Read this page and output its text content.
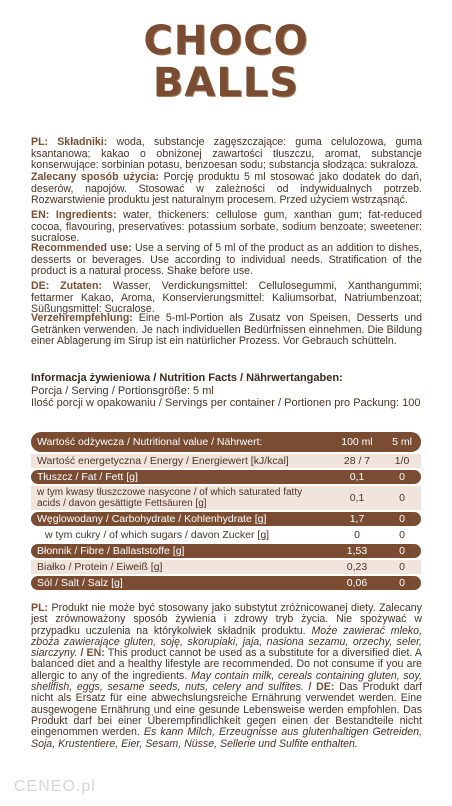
CHOCO
BALLS
PL: Składniki: woda, substancje zagęszczające: guma celulozowa, guma ksantanowa; kakao o obniżonej zawartości tłuszczu, aromat, substancje konserwujące: sorbinian potasu, benzoesan sodu; substancja słodząca: sukraloza.
Zalecany sposób użycia: Porcję produktu 5 ml stosować jako dodatek do dań, deserów, napojów. Stosować w zależności od indywidualnych potrzeb. Rozwarstwienie produktu jest naturalnym procesem. Przed użyciem wstrząsnąć.
EN: Ingredients: water, thickeners: cellulose gum, xanthan gum; fat-reduced cocoa, flavouring, preservatives: potassium sorbate, sodium benzoate; sweetener: sucralose.
Recommended use: Use a serving of 5 ml of the product as an addition to dishes, desserts or beverages. Use according to individual needs. Stratification of the product is a natural process. Shake before use.
DE: Zutaten: Wasser, Verdickungsmittel: Cellulosegummi, Xanthangummi; fettarmer Kakao, Aroma, Konservierungsmittel: Kaliumsorbat, Natriumbenzoat; Süßungsmittel: Sucralose.
Verzehrempfehlung: Eine 5-ml-Portion als Zusatz von Speisen, Desserts und Getränken verwenden. Je nach individuellen Bedürfnissen einnehmen. Die Bildung einer Ablagerung im Sirup ist ein natürlicher Prozess. Vor Gebrauch schütteln.
Informacja żywieniowa / Nutrition Facts / Nährwertangaben:
Porcja / Serving / Portionsgröße: 5 ml
Ilość porcji w opakowaniu / Servings per container / Portionen pro Packung: 100
Wartość odżywcza / Nutritional value / Nährwert:	100 ml	5 ml
Wartość energetyczna / Energy / Energiewert [kJ/kcal]	28 / 7	1/0
Tłuszcz / Fat / Fett [g]	0,1	0
w tym kwasy tłuszczowe nasycone / of which saturated fatty acids / davon gesättigte Fettsäuren [g]	0,1	0
Węglowodany / Carbohydrate / Kohlenhydrate [g]	1,7	0
w tym cukry / of which sugars / davon Zucker [g]	0	0
Błonnik / Fibre / Ballaststoffe [g]	1,53	0
Białko / Protein / Eiweiß [g]	0,23	0
Sól / Salt / Salz [g]	0,06	0
PL: Produkt nie może być stosowany jako substytut zróżnicowanej diety. Zalecany jest zrównoważony sposób żywienia i zdrowy tryb życia. Nie spożywać w przypadku uczulenia na którykolwiek składnik produktu. Może zawierać mleko, zboża zawierające gluten, soję, skorupiaki, jaja, nasiona sezamu, orzechy, seler, siarczyny. / EN: This product cannot be used as a substitute for a diversified diet. A balanced diet and a healthy lifestyle are recommended. Do not consume if you are allergic to any of the ingredients. May contain milk, cereals containing gluten, soy, shellfish, eggs, sesame seeds, nuts, celery and sulfites. / DE: Das Produkt darf nicht als Ersatz für eine abwechslungsreiche Ernährung verwendet werden. Eine ausgewogene Ernährung und eine gesunde Lebensweise werden empfohlen. Das Produkt darf bei einer Überempfindlichkeit gegen einen der Bestandteile nicht eingenommen werden. Es kann Milch, Erzeugnisse aus glutenhaltigen Getreiden, Soja, Krustentiere, Eier, Sesam, Nüsse, Sellerie und Sulfite enthalten.
CENEO.pl
